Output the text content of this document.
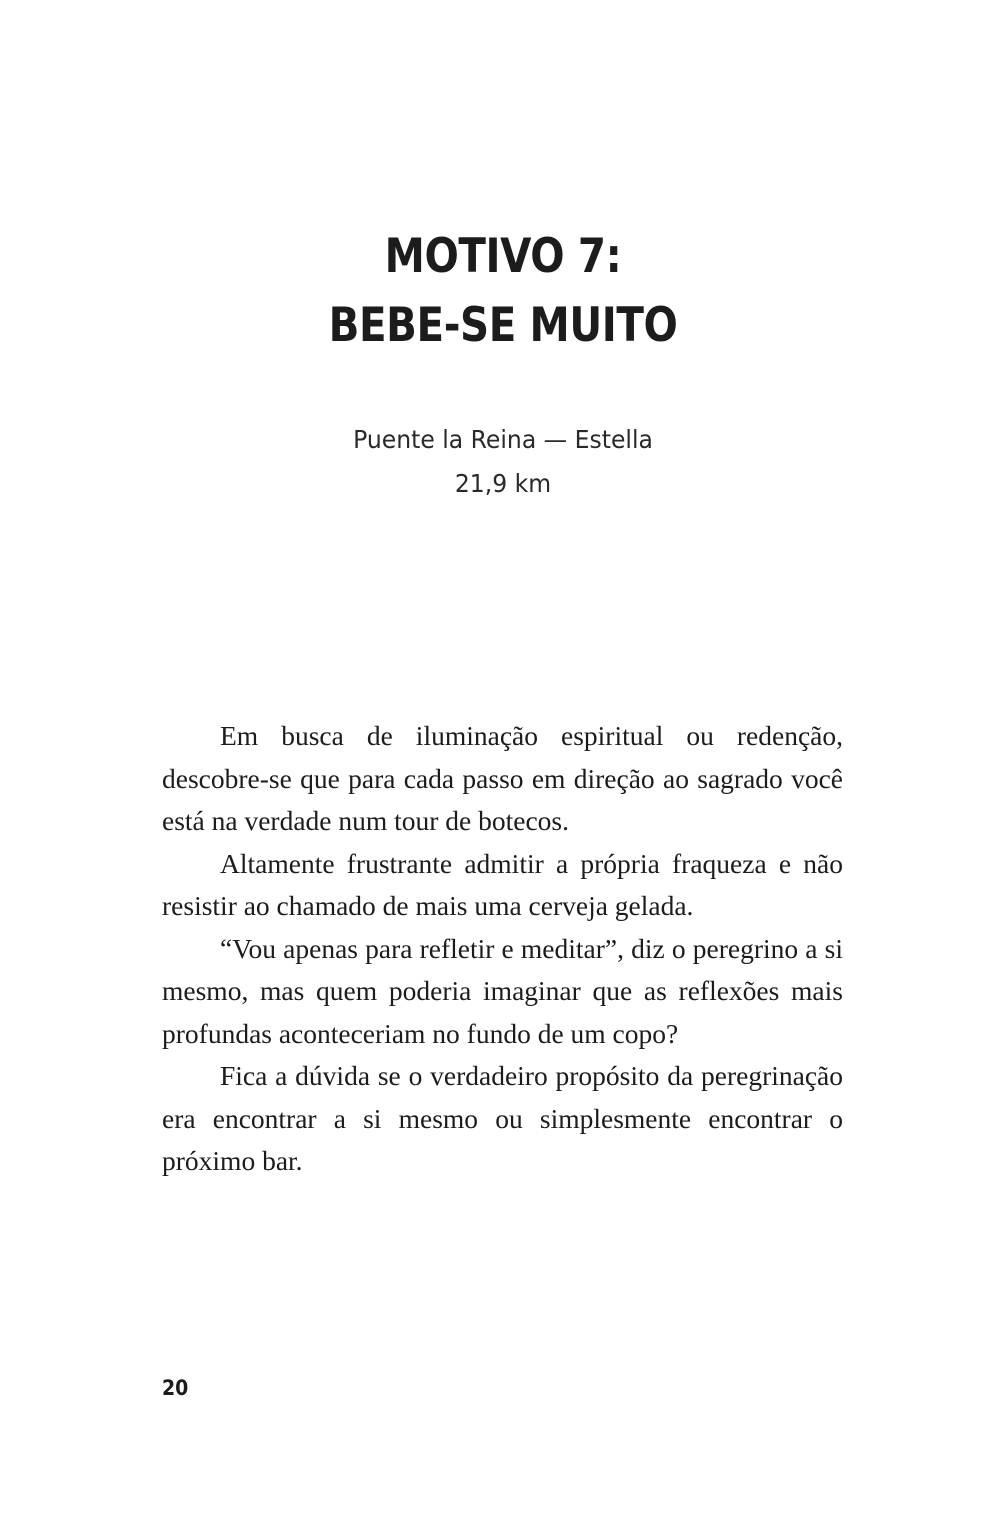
MOTIVO 7:
BEBE-SE MUITO
Puente la Reina — Estella
21,9 km

Em busca de iluminação espiritual ou redenção, descobre-se que para cada passo em direção ao sagrado você está na verdade num tour de botecos.

Altamente frustrante admitir a própria fraqueza e não resistir ao chamado de mais uma cerveja gelada.

“Vou apenas para refletir e meditar”, diz o peregrino a si mesmo, mas quem poderia imaginar que as reflexões mais profundas aconteceriam no fundo de um copo?

Fica a dúvida se o verdadeiro propósito da peregrinação era encontrar a si mesmo ou simplesmente encontrar o próximo bar.

20
